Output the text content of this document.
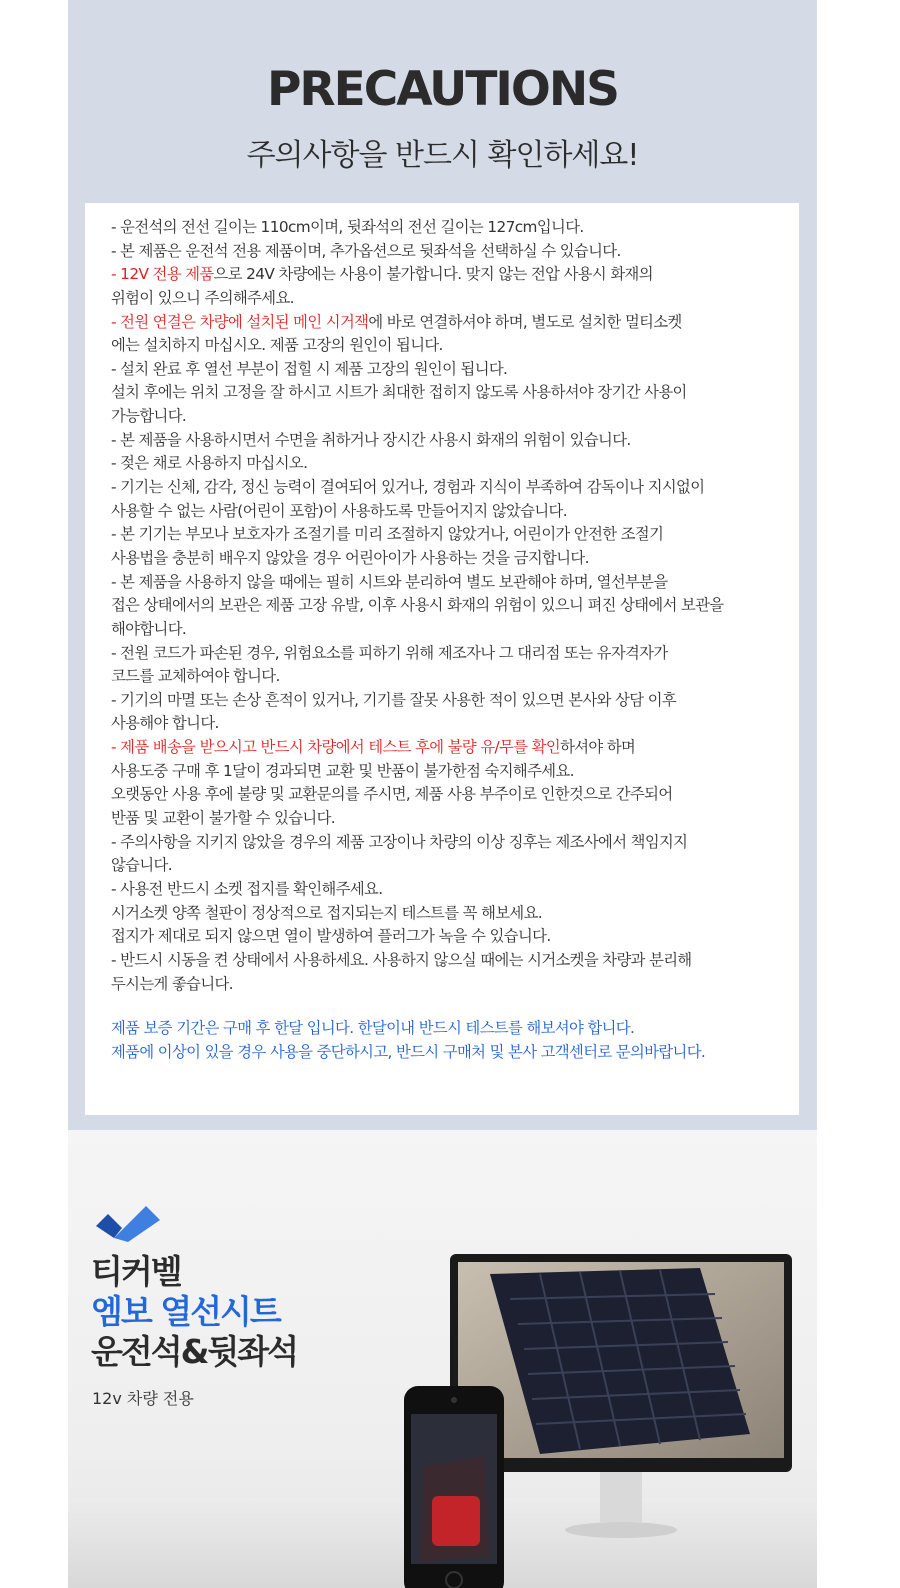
PRECAUTIONS
주의사항을 반드시 확인하세요!
- 운전석의 전선 길이는 110cm이며, 뒷좌석의 전선 길이는 127cm입니다.
- 본 제품은 운전석 전용 제품이며, 추가옵션으로 뒷좌석을 선택하실 수 있습니다.
- 12V 전용 제품으로 24V 차량에는 사용이 불가합니다. 맞지 않는 전압 사용시 화재의
위험이 있으니 주의해주세요.
- 전원 연결은 차량에 설치된 메인 시거잭에 바로 연결하셔야 하며, 별도로 설치한 멀티소켓
에는 설치하지 마십시오. 제품 고장의 원인이 됩니다.
- 설치 완료 후 열선 부분이 접힐 시 제품 고장의 원인이 됩니다.
설치 후에는 위치 고정을 잘 하시고 시트가 최대한 접히지 않도록 사용하셔야 장기간 사용이
가능합니다.
- 본 제품을 사용하시면서 수면을 취하거나 장시간 사용시 화재의 위험이 있습니다.
- 젖은 채로 사용하지 마십시오.
- 기기는 신체, 감각, 정신 능력이 결여되어 있거나, 경험과 지식이 부족하여 감독이나 지시없이
사용할 수 없는 사람(어린이 포함)이 사용하도록 만들어지지 않았습니다.
- 본 기기는 부모나 보호자가 조절기를 미리 조절하지 않았거나, 어린이가 안전한 조절기
사용법을 충분히 배우지 않았을 경우 어린아이가 사용하는 것을 금지합니다.
- 본 제품을 사용하지 않을 때에는 필히 시트와 분리하여 별도 보관해야 하며, 열선부분을
접은 상태에서의 보관은 제품 고장 유발, 이후 사용시 화재의 위험이 있으니 펴진 상태에서 보관을
해야합니다.
- 전원 코드가 파손된 경우, 위험요소를 피하기 위해 제조자나 그 대리점 또는 유자격자가
코드를 교체하여야 합니다.
- 기기의 마멸 또는 손상 흔적이 있거나, 기기를 잘못 사용한 적이 있으면 본사와 상담 이후
사용해야 합니다.
- 제품 배송을 받으시고 반드시 차량에서 테스트 후에 불량 유/무를 확인하셔야 하며
사용도중 구매 후 1달이 경과되면 교환 및 반품이 불가한점 숙지해주세요.
오랫동안 사용 후에 불량 및 교환문의를 주시면, 제품 사용 부주이로 인한것으로 간주되어
반품 및 교환이 불가할 수 있습니다.
- 주의사항을 지키지 않았을 경우의 제품 고장이나 차량의 이상 징후는 제조사에서 책임지지
않습니다.
- 사용전 반드시 소켓 접지를 확인해주세요.
시거소켓 양쪽 철판이 정상적으로 접지되는지 테스트를 꼭 해보세요.
접지가 제대로 되지 않으면 열이 발생하여 플러그가 녹을 수 있습니다.
- 반드시 시동을 켠 상태에서 사용하세요. 사용하지 않으실 때에는 시거소켓을 차량과 분리해
두시는게 좋습니다.
제품 보증 기간은 구매 후 한달 입니다. 한달이내 반드시 테스트를 해보셔야 합니다.
제품에 이상이 있을 경우 사용을 중단하시고, 반드시 구매처 및 본사 고객센터로 문의바랍니다.
티커벨
엠보 열선시트
운전석&뒷좌석
12v 차량 전용
